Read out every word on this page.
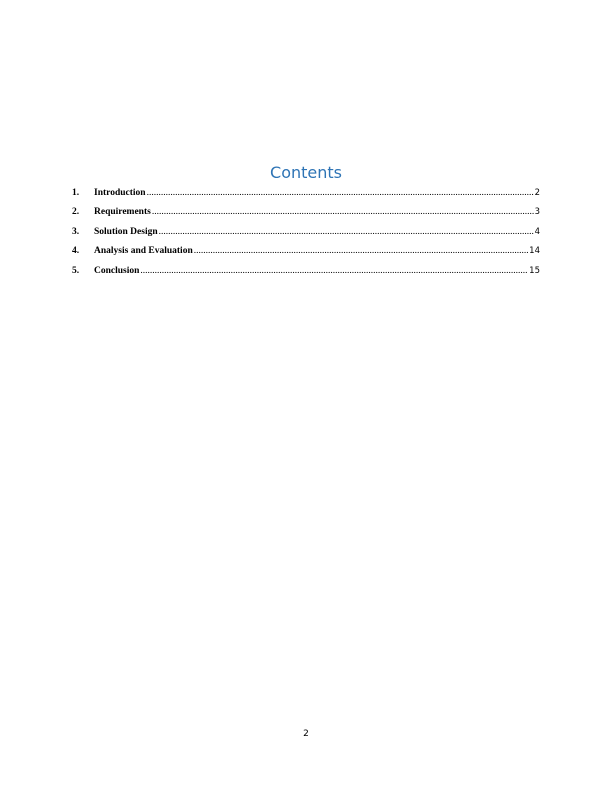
Contents
1.	Introduction .....	2
2.	Requirements .....	3
3.	Solution Design .....	4
4.	Analysis and Evaluation .....	14
5.	Conclusion .....	15
2
